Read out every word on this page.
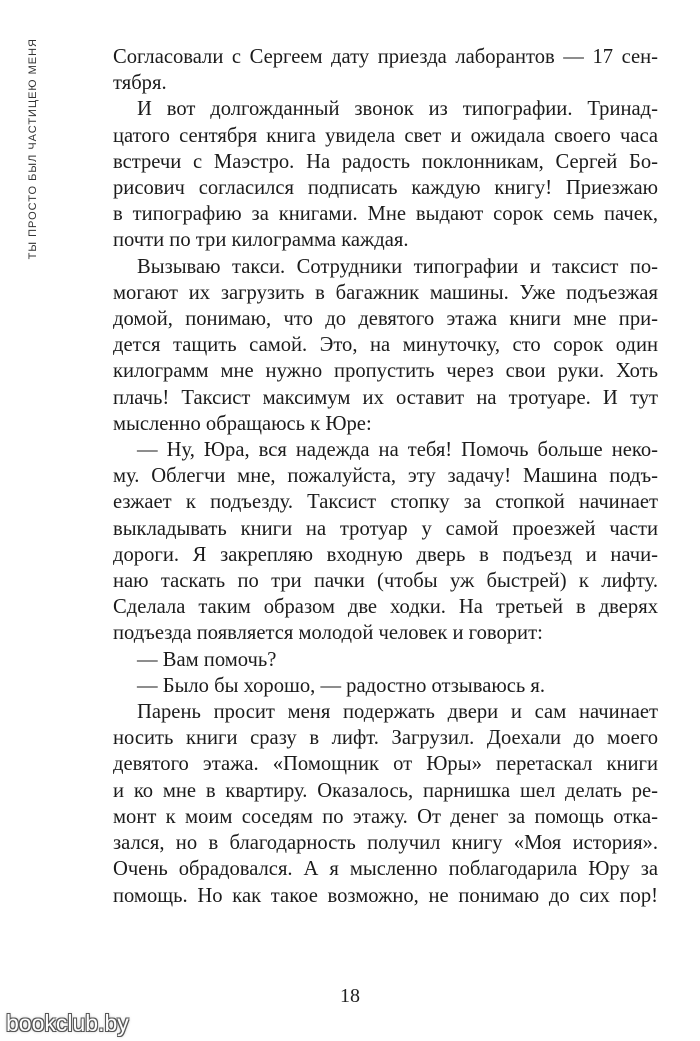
ТЫ ПРОСТО БЫЛ ЧАСТИЦЕЮ МЕНЯ	Согласовали с Сергеем дату приезда лаборантов — 17 сен-
тября.
И вот долгожданный звонок из типографии. Тринад-
цатого сентября книга увидела свет и ожидала своего часа
встречи с Маэстро. На радость поклонникам, Сергей Бо-
рисович согласился подписать каждую книгу! Приезжаю
в типографию за книгами. Мне выдают сорок семь пачек,
почти по три килограмма каждая.
Вызываю такси. Сотрудники типографии и таксист по-
могают их загрузить в багажник машины. Уже подъезжая
домой, понимаю, что до девятого этажа книги мне при-
дется тащить самой. Это, на минуточку, сто сорок один
килограмм мне нужно пропустить через свои руки. Хоть
плачь! Таксист максимум их оставит на тротуаре. И тут
мысленно обращаюсь к Юре:
— Ну, Юра, вся надежда на тебя! Помочь больше неко-
му. Облегчи мне, пожалуйста, эту задачу! Машина подъ-
езжает к подъезду. Таксист стопку за стопкой начинает
выкладывать книги на тротуар у самой проезжей части
дороги. Я закрепляю входную дверь в подъезд и начи-
наю таскать по три пачки (чтобы уж быстрей) к лифту.
Сделала таким образом две ходки. На третьей в дверях
подъезда появляется молодой человек и говорит:
— Вам помочь?
— Было бы хорошо, — радостно отзываюсь я.
Парень просит меня подержать двери и сам начинает
носить книги сразу в лифт. Загрузил. Доехали до моего
девятого этажа. «Помощник от Юры» перетаскал книги
и ко мне в квартиру. Оказалось, парнишка шел делать ре-
монт к моим соседям по этажу. От денег за помощь отка-
зался, но в благодарность получил книгу «Моя история».
Очень обрадовался. А я мысленно поблагодарила Юру за
помощь. Но как такое возможно, не понимаю до сих пор!
18
bookclub.by
